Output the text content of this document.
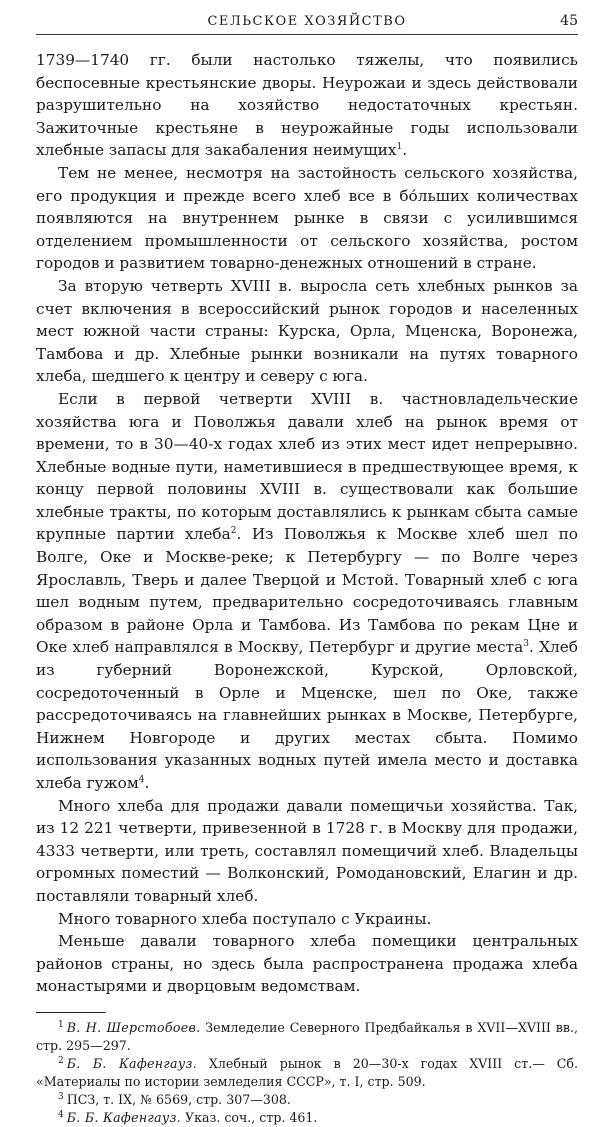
СЕЛЬСКОЕ ХОЗЯЙСТВО	45

1739—1740 гг. были настолько тяжелы, что появились беспосевные крестьянские дворы. Неурожаи и здесь действовали разрушительно на хозяйство недостаточных крестьян. Зажиточные крестьяне в неурожайные годы использовали хлебные запасы для закабаления неимущих$^1$.

Тем не менее, несмотря на застойность сельского хозяйства, его продукция и прежде всего хлеб все в бо́льших количествах появляются на внутреннем рынке в связи с усилившимся отделением промышленности от сельского хозяйства, ростом городов и развитием товарно-денежных отношений в стране.

За вторую четверть XVIII в. выросла сеть хлебных рынков за счет включения в всероссийский рынок городов и населенных мест южной части страны: Курска, Орла, Мценска, Воронежа, Тамбова и др. Хлебные рынки возникали на путях товарного хлеба, шедшего к центру и северу с юга.

Если в первой четверти XVIII в. частновладельческие хозяйства юга и Поволжья давали хлеб на рынок время от времени, то в 30—40-х годах хлеб из этих мест идет непрерывно. Хлебные водные пути, наметившиеся в предшествующее время, к концу первой половины XVIII в. существовали как большие хлебные тракты, по которым доставлялись к рынкам сбыта самые крупные партии хлеба$^2$. Из Поволжья к Москве хлеб шел по Волге, Оке и Москве-реке; к Петербургу — по Волге через Ярославль, Тверь и далее Тверцой и Мстой. Товарный хлеб с юга шел водным путем, предварительно сосредоточиваясь главным образом в районе Орла и Тамбова. Из Тамбова по рекам Цне и Оке хлеб направлялся в Москву, Петербург и другие места$^3$. Хлеб из губерний Воронежской, Курской, Орловской, сосредоточенный в Орле и Мценске, шел по Оке, также рассредоточиваясь на главнейших рынках в Москве, Петербурге, Нижнем Новгороде и других местах сбыта. Помимо использования указанных водных путей имела место и доставка хлеба гужом$^4$.

Много хлеба для продажи давали помещичьи хозяйства. Так, из 12 221 четверти, привезенной в 1728 г. в Москву для продажи, 4333 четверти, или треть, составлял помещичий хлеб. Владельцы огромных поместий — Волконский, Ромодановский, Елагин и др. поставляли товарный хлеб.

Много товарного хлеба поступало с Украины.

Меньше давали товарного хлеба помещики центральных районов страны, но здесь была распространена продажа хлеба монастырями и дворцовым ведомствам.

$^1$ В. Н. Шерстобоев. Земледелие Северного Предбайкалья в XVII—XVIII вв., стр. 295—297.

$^2$ Б. Б. Кафенгауз. Хлебный рынок в 20—30-х годах XVIII ст.— Сб. «Материалы по истории земледелия СССР», т. I, стр. 509.

$^3$ ПСЗ, т. IX, № 6569, стр. 307—308.

$^4$ Б. Б. Кафенгауз. Указ. соч., стр. 461.
